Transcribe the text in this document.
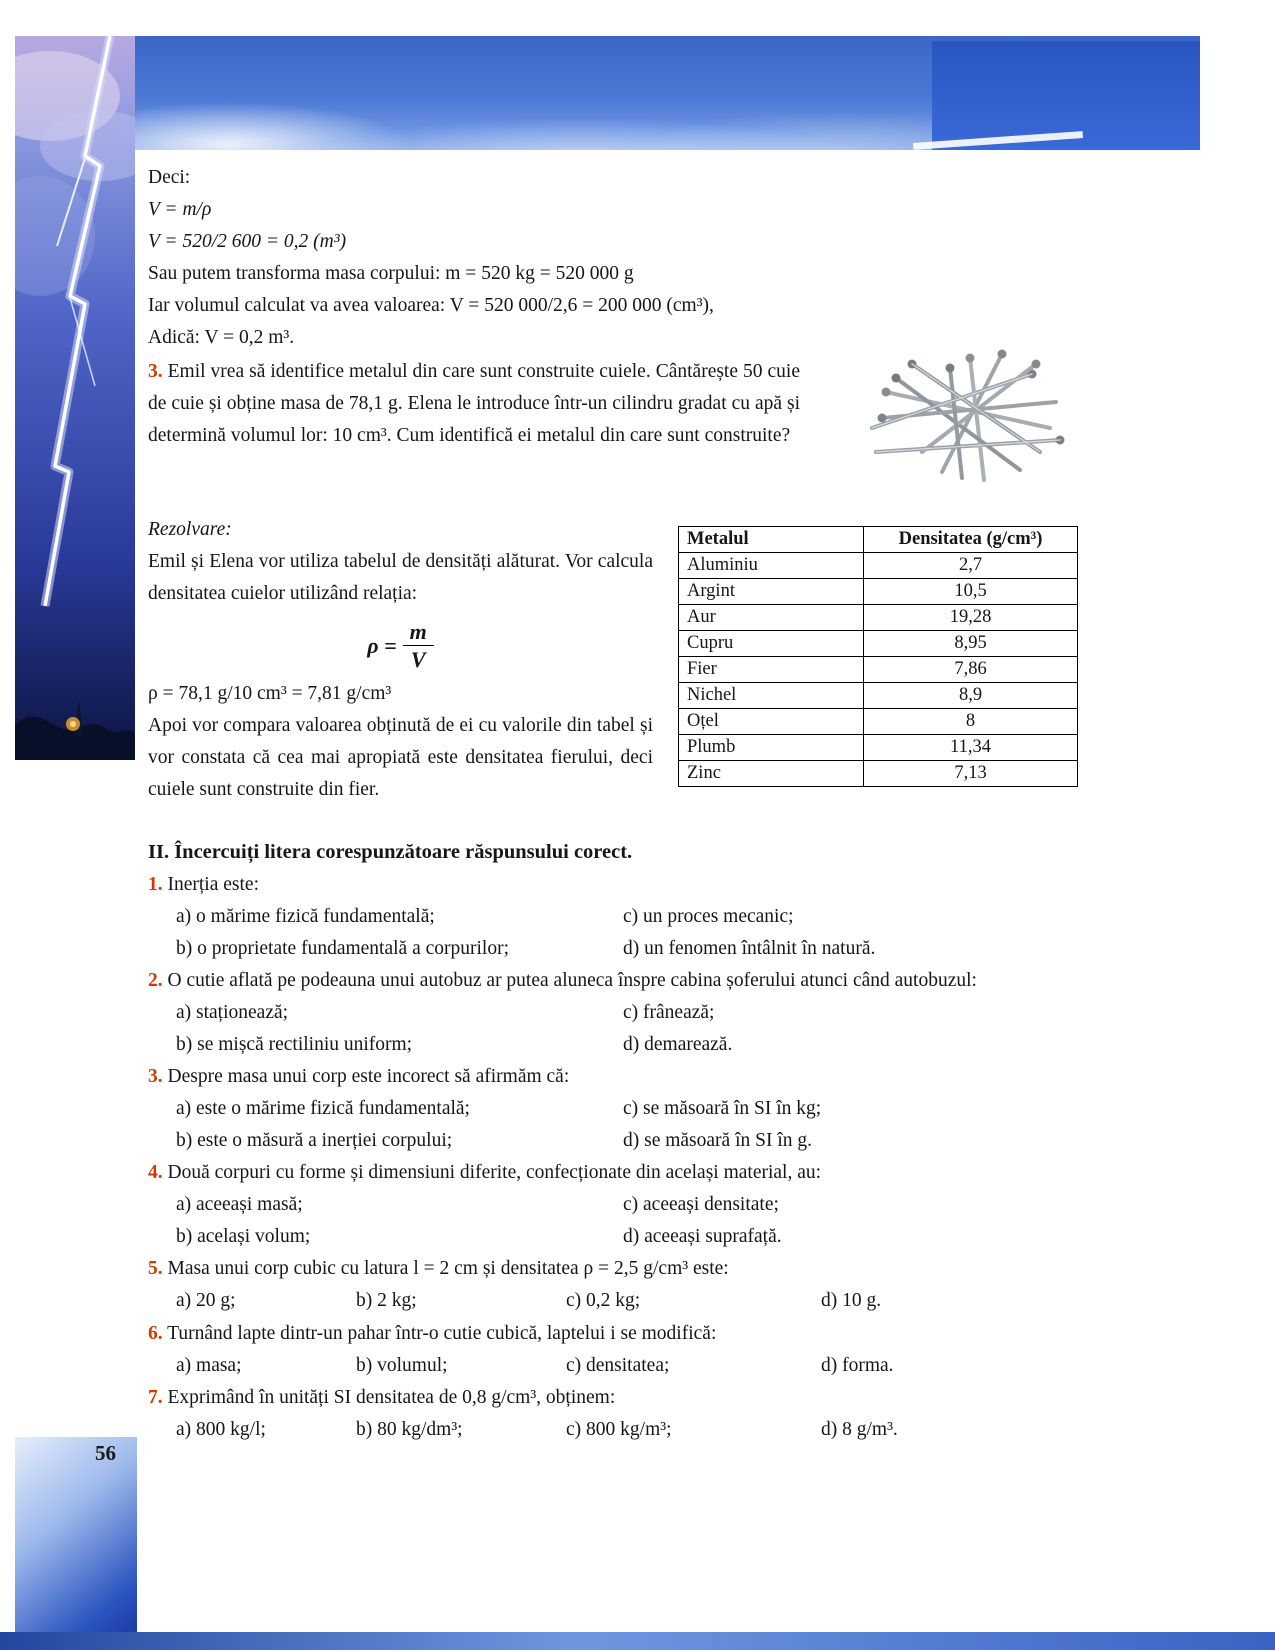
56

Deci:

V = m/ρ

V = 520/2 600 = 0,2 (m³)

Sau putem transforma masa corpului: m = 520 kg = 520 000 g

Iar volumul calculat va avea valoarea: V = 520 000/2,6 = 200 000 (cm³),

Adică: V = 0,2 m³.

3. Emil vrea să identifice metalul din care sunt construite cuiele. Cântărește 50 cuie de cuie și obține masa de 78,1 g. Elena le introduce într-un cilindru gradat cu apă și determină volumul lor: 10 cm³. Cum identifică ei metalul din care sunt construite?

Rezolvare:

Emil și Elena vor utiliza tabelul de densități alăturat. Vor calcula densitatea cuielor utilizând relația:

$\rho = \frac{m}{V}$

ρ = 78,1 g/10 cm³ = 7,81 g/cm³

Apoi vor compara valoarea obținută de ei cu valorile din tabel și vor constata că cea mai apropiată este densitatea fierului, deci cuiele sunt construite din fier.

Metalul	Densitatea (g/cm³)
Aluminiu	2,7
Argint	10,5
Aur	19,28
Cupru	8,95
Fier	7,86
Nichel	8,9
Oțel	8
Plumb	11,34
Zinc	7,13
II. Încercuiți litera corespunzătoare răspunsului corect.

1. Inerția este:

a) o mărime fizică fundamentală;
b) o proprietate fundamentală a corpurilor;
c) un proces mecanic;
d) un fenomen întâlnit în natură.

2. O cutie aflată pe podeauna unui autobuz ar putea aluneca înspre cabina șoferului atunci când autobuzul:

a) staționează;
b) se mișcă rectiliniu uniform;
c) frânează;
d) demarează.

3. Despre masa unui corp este incorect să afirmăm că:

a) este o mărime fizică fundamentală;
b) este o măsură a inerției corpului;
c) se măsoară în SI în kg;
d) se măsoară în SI în g.

4. Două corpuri cu forme și dimensiuni diferite, confecționate din același material, au:

a) aceeași masă;
b) același volum;
c) aceeași densitate;
d) aceeași suprafață.

5. Masa unui corp cubic cu latura l = 2 cm și densitatea ρ = 2,5 g/cm³ este:

a) 20 g;	b) 2 kg;	c) 0,2 kg;	d) 10 g.

6. Turnând lapte dintr-un pahar într-o cutie cubică, laptelui i se modifică:

a) masa;	b) volumul;	c) densitatea;	d) forma.

7. Exprimând în unități SI densitatea de 0,8 g/cm³, obținem:

a) 800 kg/l;	b) 80 kg/dm³;	c) 800 kg/m³;	d) 8 g/m³.
